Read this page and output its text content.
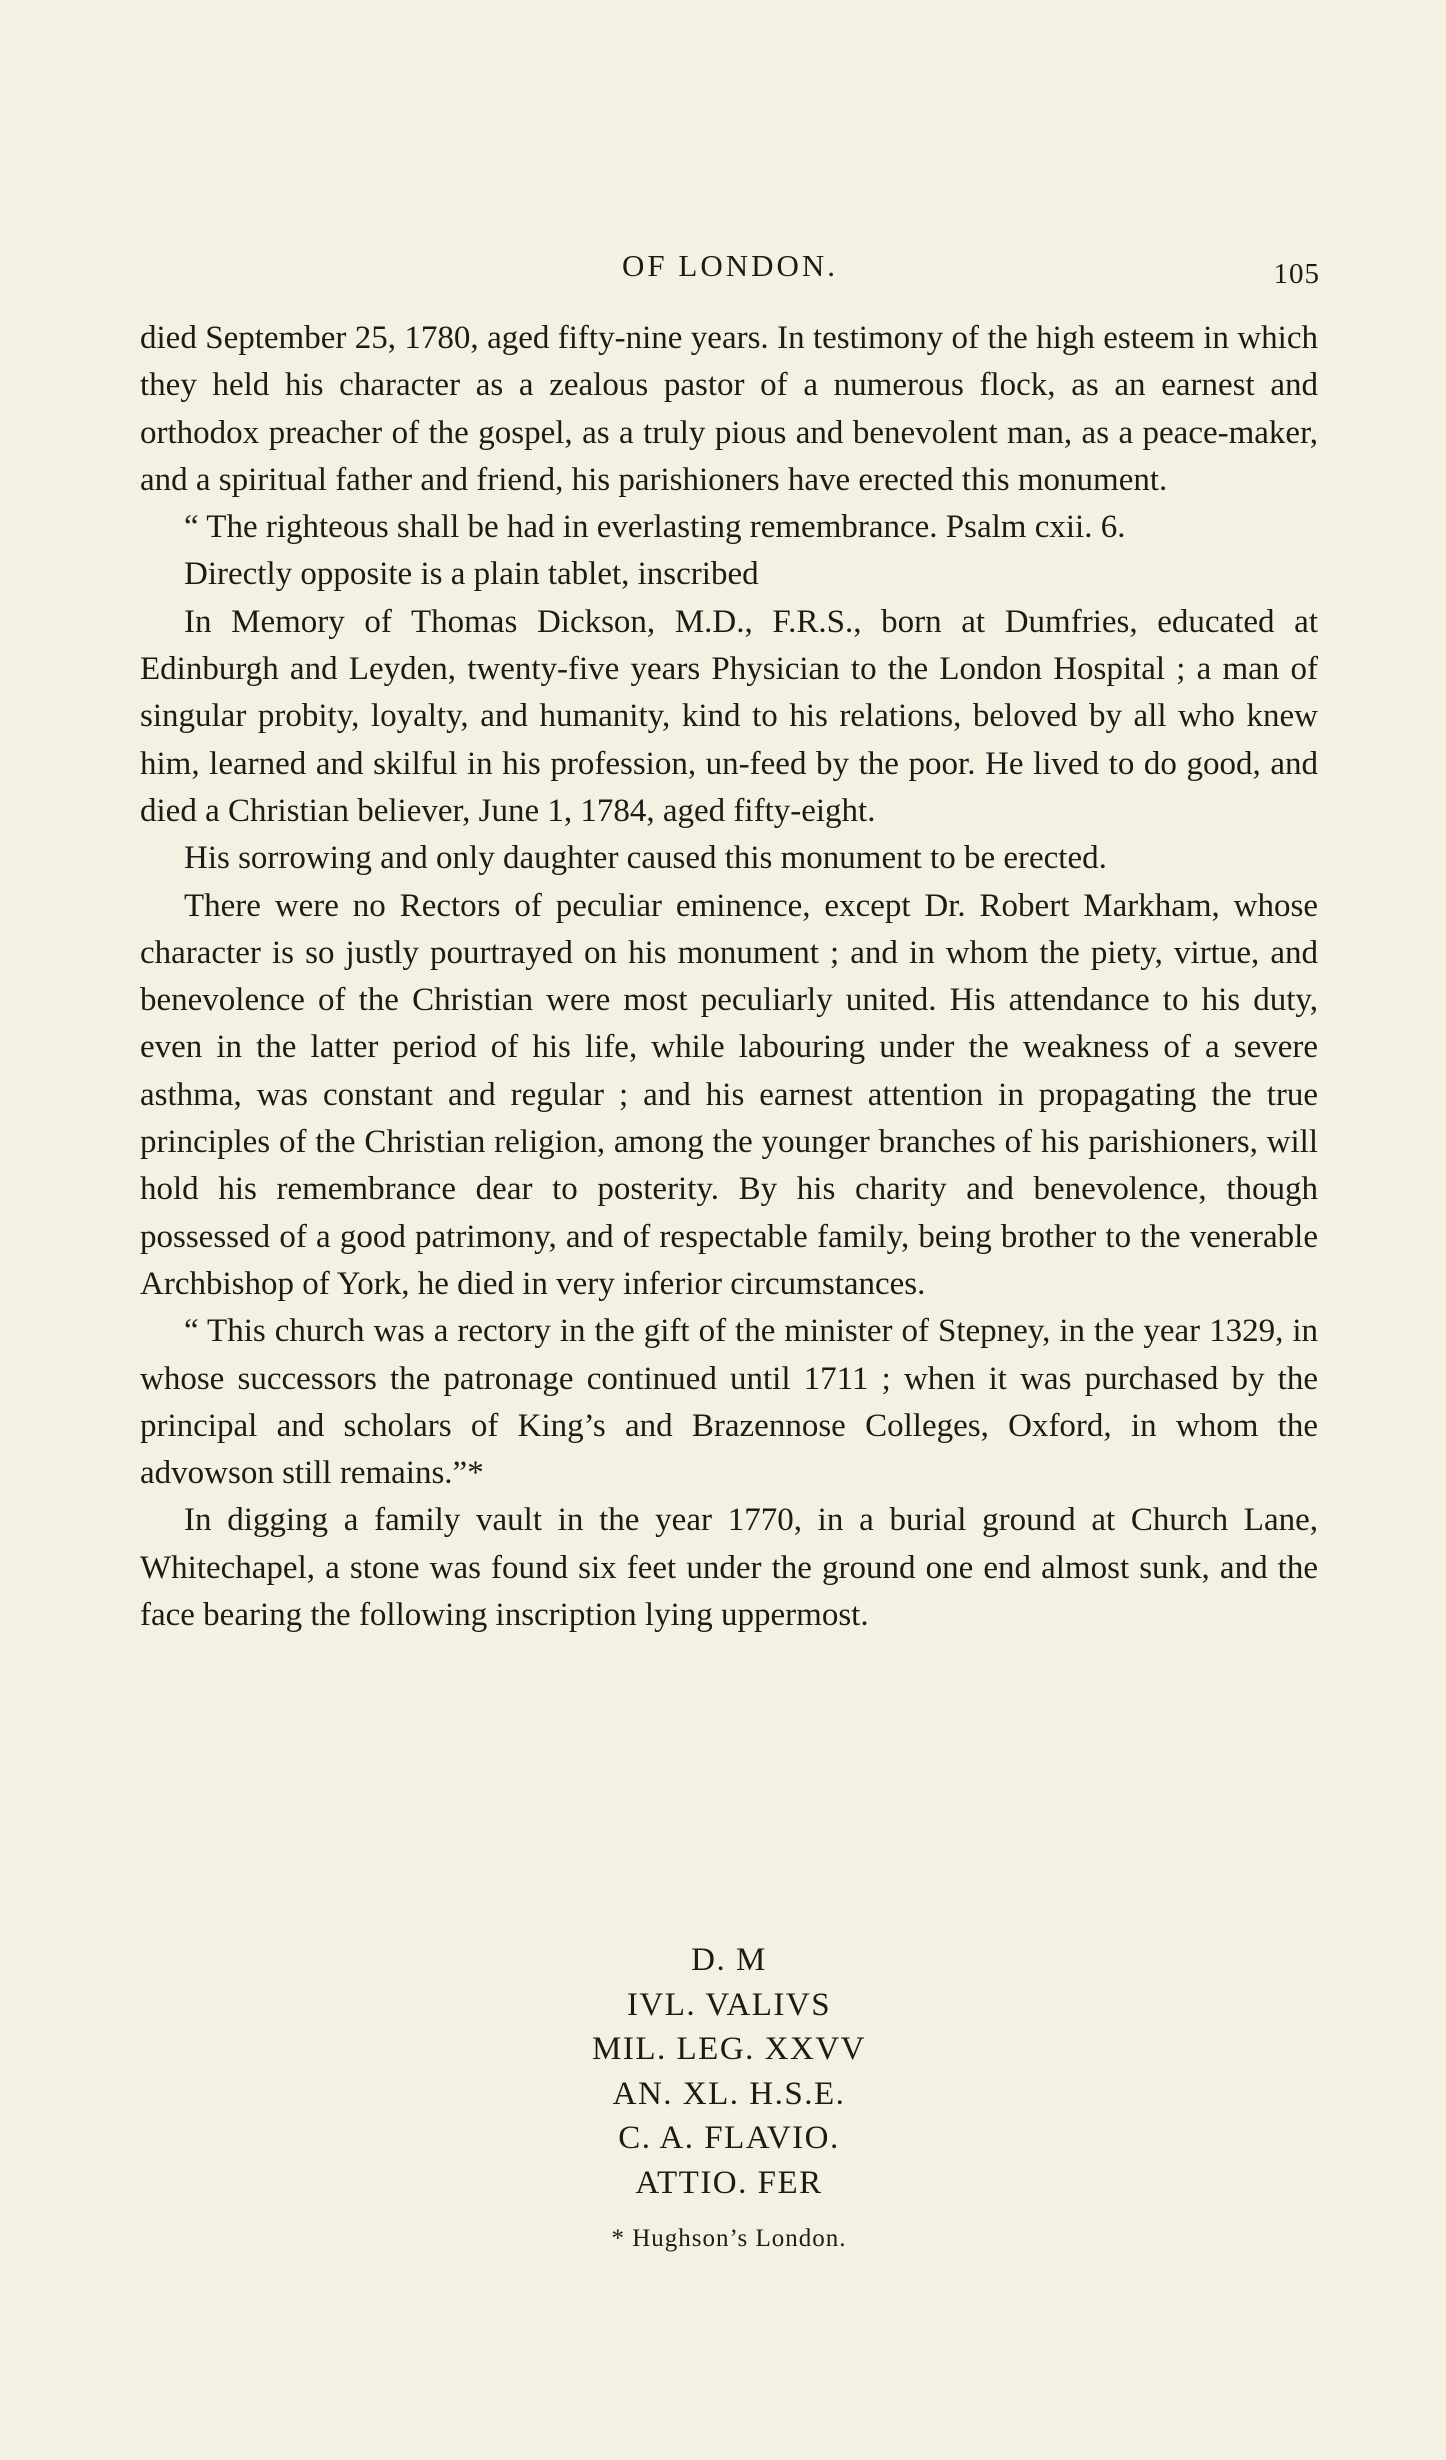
OF LONDON.	105

died September 25, 1780, aged fifty-nine years. In testimony of the high esteem in which they held his character as a zealous pastor of a numerous flock, as an earnest and orthodox preacher of the gospel, as a truly pious and benevolent man, as a peace-maker, and a spiritual father and friend, his parishioners have erected this monument.

“ The righteous shall be had in everlasting remembrance. Psalm cxii. 6.

Directly opposite is a plain tablet, inscribed

In Memory of Thomas Dickson, M.D., F.R.S., born at Dumfries, educated at Edinburgh and Leyden, twenty-five years Physician to the London Hospital ; a man of singular probity, loyalty, and humanity, kind to his relations, beloved by all who knew him, learned and skilful in his profession, un-feed by the poor. He lived to do good, and died a Christian believer, June 1, 1784, aged fifty-eight.

His sorrowing and only daughter caused this monument to be erected.

There were no Rectors of peculiar eminence, except Dr. Robert Markham, whose character is so justly pourtrayed on his monument ; and in whom the piety, virtue, and benevolence of the Christian were most peculiarly united. His attendance to his duty, even in the latter period of his life, while labouring under the weakness of a severe asthma, was constant and regular ; and his earnest attention in propagating the true principles of the Christian religion, among the younger branches of his parishioners, will hold his remembrance dear to posterity. By his charity and benevolence, though possessed of a good patrimony, and of respectable family, being brother to the venerable Archbishop of York, he died in very inferior circumstances.

“ This church was a rectory in the gift of the minister of Stepney, in the year 1329, in whose successors the patronage continued until 1711 ; when it was purchased by the principal and scholars of King’s and Brazennose Colleges, Oxford, in whom the advowson still remains.”*

In digging a family vault in the year 1770, in a burial ground at Church Lane, Whitechapel, a stone was found six feet under the ground one end almost sunk, and the face bearing the following inscription lying uppermost.

D. M
IVL. VALIVS
MIL. LEG. XXVV
AN. XL. H.S.E.
C. A. FLAVIO.
ATTIO. FER
* Hughson’s London.
